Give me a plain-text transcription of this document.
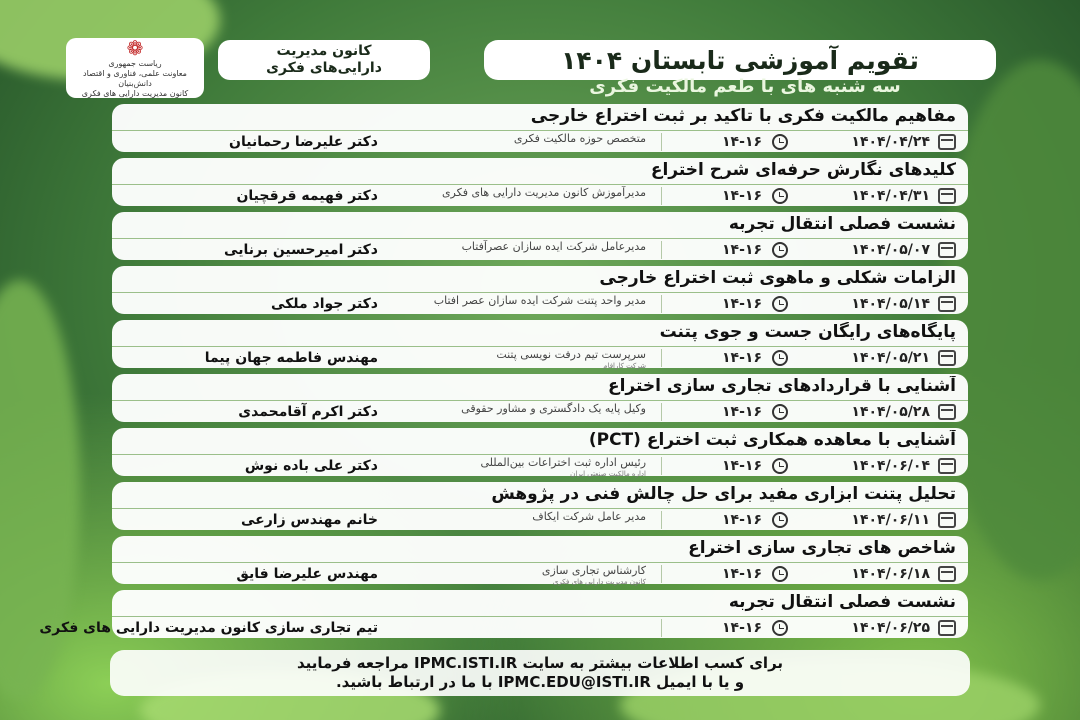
تقویم آموزشی تابستان ۱۴۰۴
سه شنبه های با طعم مالکیت فکری
کانون مدیریت
دارایی‌های فکری
❁
ریاست جمهوری
معاونت علمی، فناوری و اقتصاد دانش‌بنیان
کانون مدیریت دارایی های فکری
مفاهیم مالکیت فکری با تاکید بر ثبت اختراع خارجی
۱۴۰۴/۰۴/۲۴
۱۴-۱۶
متخصص حوزه مالکیت فکری
دکتر علیرضا رحمانیان
کلیدهای نگارش حرفه‌ای شرح اختراع
۱۴۰۴/۰۴/۳۱
۱۴-۱۶
مدیرآموزش کانون مدیریت دارایی های فکری
دکتر فهیمه قرقچیان
نشست فصلی انتقال تجربه
۱۴۰۴/۰۵/۰۷
۱۴-۱۶
مدیرعامل شرکت ایده سازان عصرآفتاب
دکتر امیرحسین برنایی
الزامات شکلی و ماهوی ثبت اختراع خارجی
۱۴۰۴/۰۵/۱۴
۱۴-۱۶
مدیر واحد پتنت شرکت ایده سازان عصر افتاب
دکتر جواد ملکی
پایگاه‌های رایگان جست و جوی پتنت
۱۴۰۴/۰۵/۲۱
۱۴-۱۶
سرپرست تیم درفت نویسی پتنت
شرکت کارافام
مهندس فاطمه جهان پیما
آشنایی با قراردادهای تجاری سازی اختراع
۱۴۰۴/۰۵/۲۸
۱۴-۱۶
وکیل پایه یک دادگستری و مشاور حقوقی
دکتر اکرم آقامحمدی
آشنایی با معاهده همکاری ثبت اختراع (PCT)
۱۴۰۴/۰۶/۰۴
۱۴-۱۶
رئیس اداره ثبت اختراعات بین‌المللی
اداره مالکیت صنعتی ایران
دکتر علی باده نوش
تحلیل پتنت ابزاری مفید برای حل چالش فنی در پژوهش
۱۴۰۴/۰۶/۱۱
۱۴-۱۶
مدیر عامل شرکت ایکاف
خانم مهندس زارعی
شاخص های تجاری سازی اختراع
۱۴۰۴/۰۶/۱۸
۱۴-۱۶
کارشناس تجاری سازی
کانون مدیریت دارایی های فکری
مهندس علیرضا فایق
نشست فصلی انتقال تجربه
۱۴۰۴/۰۶/۲۵
۱۴-۱۶
تیم تجاری سازی کانون مدیریت دارایی های فکری
برای کسب اطلاعات بیشتر به سایت IPMC.ISTI.IR مراجعه فرمایید
و یا با ایمیل IPMC.EDU@ISTI.IR با ما در ارتباط باشید.
